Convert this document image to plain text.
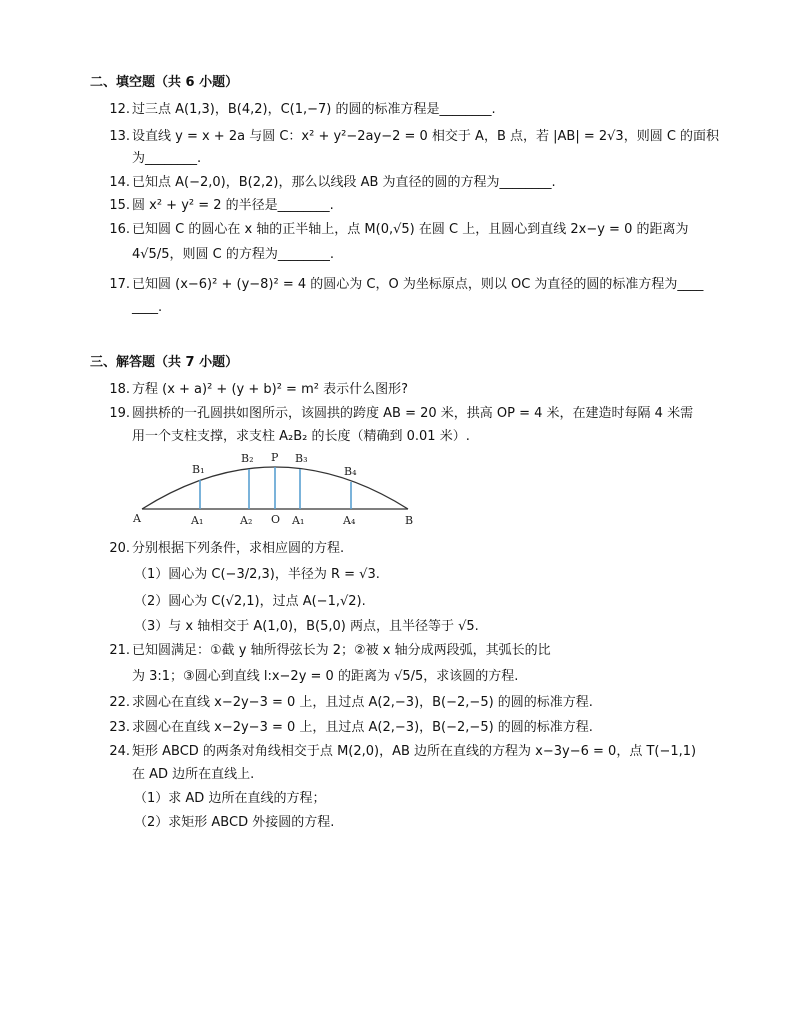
二、填空题（共 6 小题）
12. 过三点 A(1,3)，B(4,2)，C(1,−7) 的圆的标准方程是________.
13. 设直线 y = x + 2a 与圆 C：x² + y²−2ay−2 = 0 相交于 A，B 点，若 |AB| = 2√3，则圆 C 的面积
为________.
14. 已知点 A(−2,0)，B(2,2)，那么以线段 AB 为直径的圆的方程为________.
15. 圆 x² + y² = 2 的半径是________.
16. 已知圆 C 的圆心在 x 轴的正半轴上，点 M(0,√5) 在圆 C 上，且圆心到直线 2x−y = 0 的距离为
4√5/5，则圆 C 的方程为________.
17. 已知圆 (x−6)² + (y−8)² = 4 的圆心为 C，O 为坐标原点，则以 OC 为直径的圆的标准方程为____
____.
三、解答题（共 7 小题）
18. 方程 (x + a)² + (y + b)² = m² 表示什么图形?
19. 圆拱桥的一孔圆拱如图所示，该圆拱的跨度 AB = 20 米，拱高 OP = 4 米，在建造时每隔 4 米需
用一个支柱支撑，求支柱 A₂B₂ 的长度（精确到 0.01 米）.
B₁
B₂ P B₃
B₄
A	A₁	A₂ O A₁	A₄	B
20. 分别根据下列条件，求相应圆的方程.
（1）圆心为 C(−3/2,3)，半径为 R = √3.
（2）圆心为 C(√2,1)，过点 A(−1,√2).
（3）与 x 轴相交于 A(1,0)，B(5,0) 两点，且半径等于 √5.
21. 已知圆满足：①截 y 轴所得弦长为 2；②被 x 轴分成两段弧，其弧长的比
为 3:1；③圆心到直线 l:x−2y = 0 的距离为 √5/5，求该圆的方程.
22. 求圆心在直线 x−2y−3 = 0 上，且过点 A(2,−3)，B(−2,−5) 的圆的标准方程.
23. 求圆心在直线 x−2y−3 = 0 上，且过点 A(2,−3)，B(−2,−5) 的圆的标准方程.
24. 矩形 ABCD 的两条对角线相交于点 M(2,0)，AB 边所在直线的方程为 x−3y−6 = 0，点 T(−1,1)
在 AD 边所在直线上.
（1）求 AD 边所在直线的方程；
（2）求矩形 ABCD 外接圆的方程.
